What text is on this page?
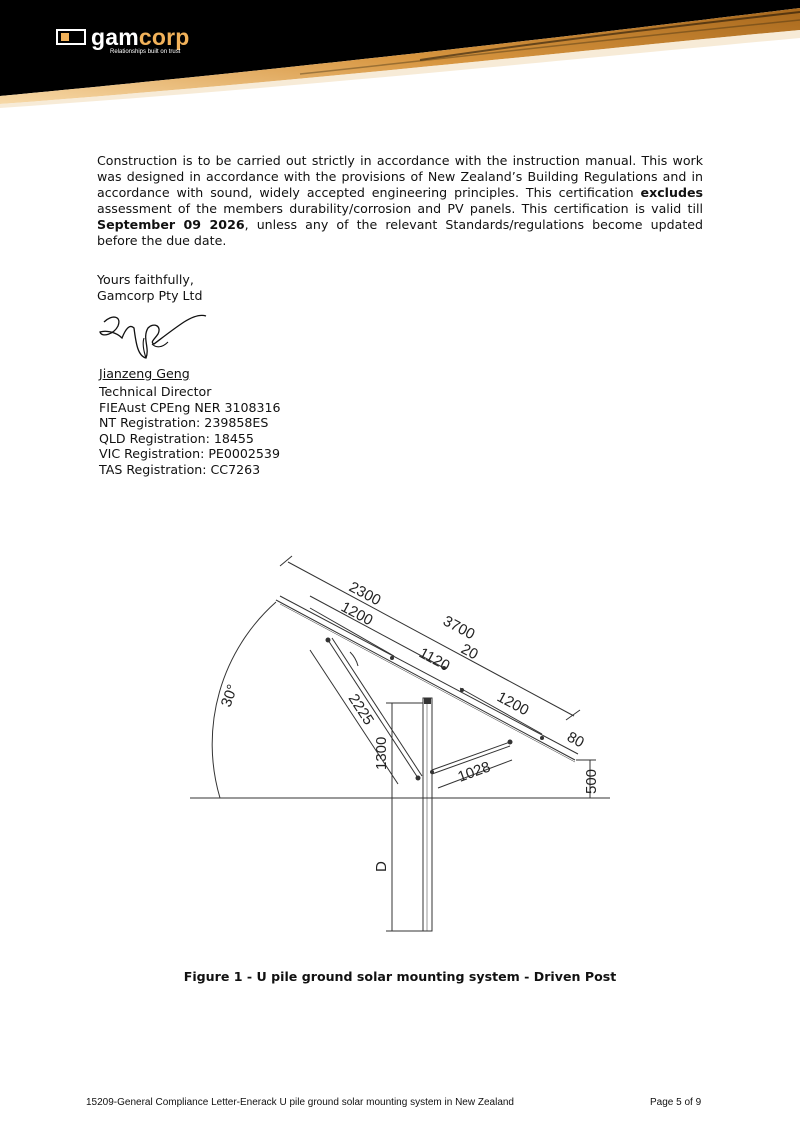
gamcorp
Relationships built on trust

Construction is to be carried out strictly in accordance with the instruction manual. This work was designed in accordance with the provisions of New Zealand’s Building Regulations and in accordance with sound, widely accepted engineering principles. This certification excludes assessment of the members durability/corrosion and PV panels. This certification is valid till September 09 2026, unless any of the relevant Standards/regulations become updated before the due date.

Yours faithfully,
Gamcorp Pty Ltd
Jianzeng Geng
Technical Director
FIEAust CPEng NER 3108316
NT Registration: 239858ES
QLD Registration: 18455
VIC Registration: PE0002539
TAS Registration: CC7263
3700
2300
1200
1120 20
1200
80
2225
1300
1028	500
30°
D
Figure 1 - U pile ground solar mounting system - Driven Post
15209-General Compliance Letter-Enerack U pile ground solar mounting system in New Zealand	Page 5 of 9
